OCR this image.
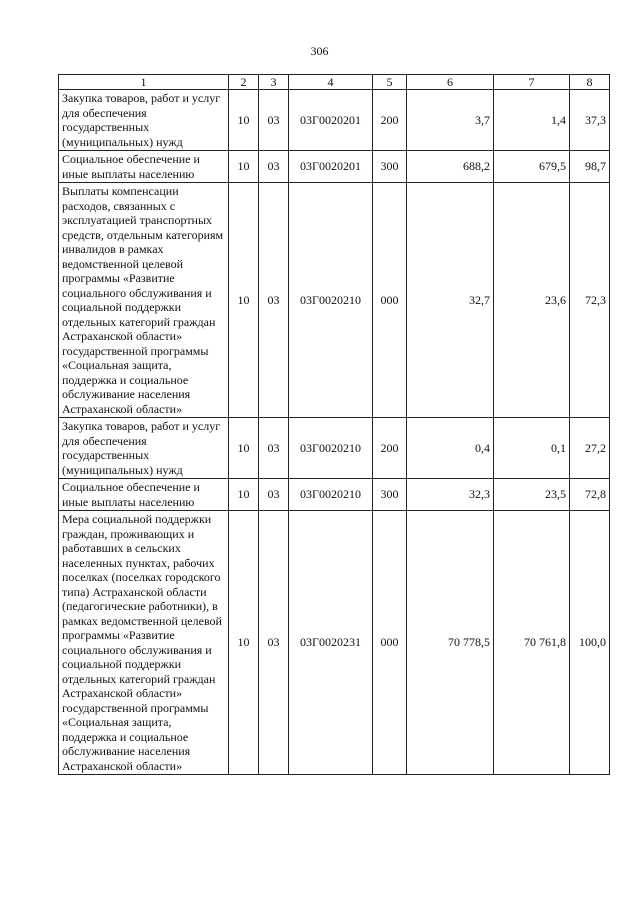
306
1	2	3	4	5	6	7	8
Закупка товаров, работ и услуг для обеспечения государственных (муниципальных) нужд	10	03	03Г0020201	200	3,7	1,4	37,3
Социальное обеспечение и иные выплаты населению	10	03	03Г0020201	300	688,2	679,5	98,7
Выплаты компенсации расходов, связанных с эксплуатацией транспортных средств, отдельным категориям инвалидов в рамках ведомственной целевой программы «Развитие социального обслуживания и социальной поддержки отдельных категорий граждан Астраханской области» государственной программы «Социальная защита, поддержка и социальное обслуживание населения Астраханской области»	10	03	03Г0020210	000	32,7	23,6	72,3
Закупка товаров, работ и услуг для обеспечения государственных (муниципальных) нужд	10	03	03Г0020210	200	0,4	0,1	27,2
Социальное обеспечение и иные выплаты населению	10	03	03Г0020210	300	32,3	23,5	72,8
Мера социальной поддержки граждан, проживающих и работавших в сельских населенных пунктах, рабочих поселках (поселках городского типа) Астраханской области (педагогические работники), в рамках ведомственной целевой программы «Развитие социального обслуживания и социальной поддержки отдельных категорий граждан Астраханской области» государственной программы «Социальная защита, поддержка и социальное обслуживание населения Астраханской области»	10	03	03Г0020231	000	70 778,5	70 761,8	100,0
